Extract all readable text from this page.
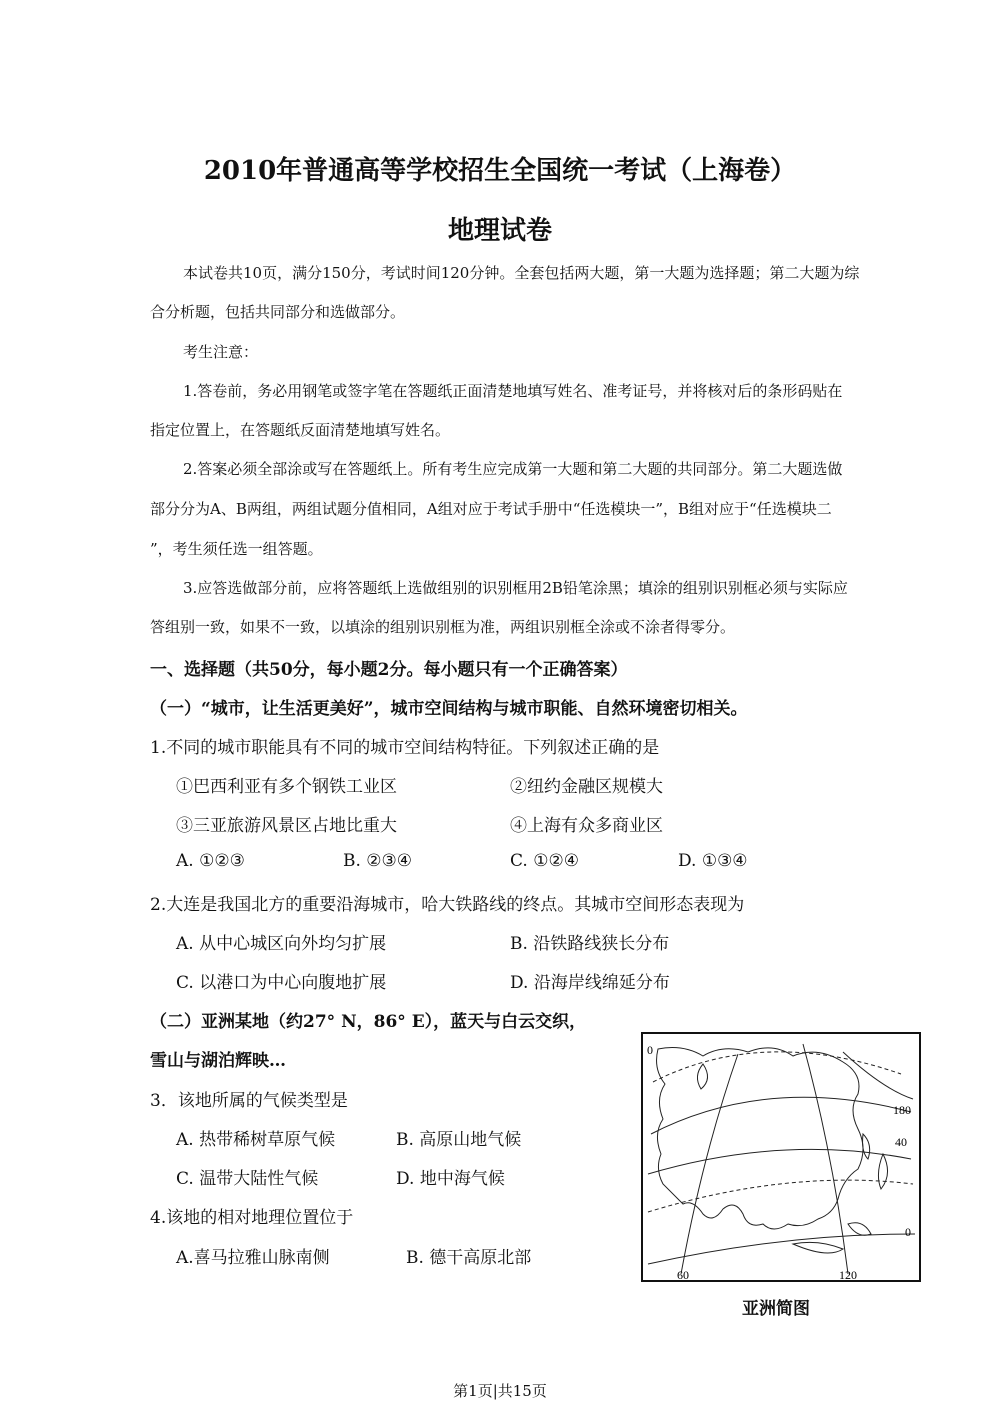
2010年普通高等学校招生全国统一考试（上海卷）
地理试卷
本试卷共10页，满分150分，考试时间120分钟。全套包括两大题，第一大题为选择题；第二大题为综
合分析题，包括共同部分和选做部分。
考生注意：
1.答卷前，务必用钢笔或签字笔在答题纸正面清楚地填写姓名、准考证号，并将核对后的条形码贴在
指定位置上，在答题纸反面清楚地填写姓名。
2.答案必须全部涂或写在答题纸上。所有考生应完成第一大题和第二大题的共同部分。第二大题选做
部分分为A、B两组，两组试题分值相同，A组对应于考试手册中“任选模块一”，B组对应于“任选模块二
”，考生须任选一组答题。
3.应答选做部分前，应将答题纸上选做组别的识别框用2B铅笔涂黑；填涂的组别识别框必须与实际应
答组别一致，如果不一致，以填涂的组别识别框为准，两组识别框全涂或不涂者得零分。
一、选择题（共50分，每小题2分。每小题只有一个正确答案）
（一）“城市，让生活更美好”，城市空间结构与城市职能、自然环境密切相关。
1.不同的城市职能具有不同的城市空间结构特征。下列叙述正确的是
①巴西利亚有多个钢铁工业区	②纽约金融区规模大
③三亚旅游风景区占地比重大	④上海有众多商业区
A. ①②③	B. ②③④	C. ①②④	D. ①③④
2.大连是我国北方的重要沿海城市，哈大铁路线的终点。其城市空间形态表现为
A. 从中心城区向外均匀扩展	B. 沿铁路线狭长分布
C. 以港口为中心向腹地扩展	D. 沿海岸线绵延分布
（二）亚洲某地（约27° N，86° E），蓝天与白云交织，
雪山与湖泊辉映…
3．该地所属的气候类型是
A. 热带稀树草原气候	B. 高原山地气候
C. 温带大陆性气候	D. 地中海气候
4.该地的相对地理位置位于
A.喜马拉雅山脉南侧	B. 德干高原北部
0
180
40
0
60	120
亚洲简图
第1页|共15页
